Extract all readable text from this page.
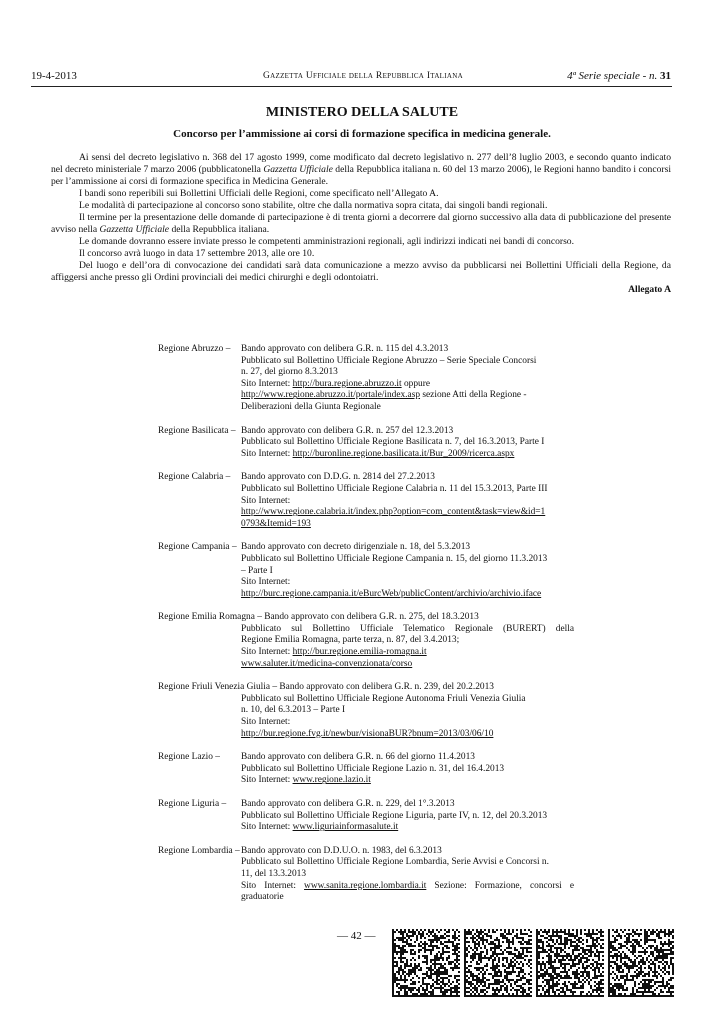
19-4-2013	Gazzetta Ufficiale della Repubblica Italiana	4ª Serie speciale - n. 31
MINISTERO DELLA SALUTE
Concorso per l’ammissione ai corsi di formazione specifica in medicina generale.

Ai sensi del decreto legislativo n. 368 del 17 agosto 1999, come modificato dal decreto legislativo n. 277 dell’8 luglio 2003, e secondo quanto indicato nel decreto ministeriale 7 marzo 2006 (pubblicatonella Gazzetta Ufficiale della Repubblica italiana n. 60 del 13 marzo 2006), le Regioni hanno bandito i concorsi per l’ammissione ai corsi di formazione specifica in Medicina Generale.

I bandi sono reperibili sui Bollettini Ufficiali delle Regioni, come specificato nell’Allegato A.

Le modalità di partecipazione al concorso sono stabilite, oltre che dalla normativa sopra citata, dai singoli bandi regionali.

Il termine per la presentazione delle domande di partecipazione è di trenta giorni a decorrere dal giorno successivo alla data di pubblicazione del presente avviso nella Gazzetta Ufficiale della Repubblica italiana.

Le domande dovranno essere inviate presso le competenti amministrazioni regionali, agli indirizzi indicati nei bandi di concorso.

Il concorso avrà luogo in data 17 settembre 2013, alle ore 10.

Del luogo e dell’ora di convocazione dei candidati sarà data comunicazione a mezzo avviso da pubblicarsi nei Bollettini Ufficiali della Regione, da affiggersi anche presso gli Ordini provinciali dei medici chirurghi e degli odontoiatri.

Allegato A

Regione Abruzzo – Bando approvato con delibera G.R. n. 115 del 4.3.2013
Pubblicato sul Bollettino Ufficiale Regione Abruzzo – Serie Speciale Concorsi
n. 27, del giorno 8.3.2013
Sito Internet: http://bura.regione.abruzzo.it oppure
http://www.regione.abruzzo.it/portale/index.asp sezione Atti della Regione -
Deliberazioni della Giunta Regionale
Regione Basilicata – Bando approvato con delibera G.R. n. 257 del 12.3.2013
Pubblicato sul Bollettino Ufficiale Regione Basilicata n. 7, del 16.3.2013, Parte I
Sito Internet: http://buronline.regione.basilicata.it/Bur_2009/ricerca.aspx
Regione Calabria – Bando approvato con D.D.G. n. 2814 del 27.2.2013
Pubblicato sul Bollettino Ufficiale Regione Calabria n. 11 del 15.3.2013, Parte III
Sito Internet:
http://www.regione.calabria.it/index.php?option=com_content&task=view&id=1
0793&Itemid=193
Regione Campania – Bando approvato con decreto dirigenziale n. 18, del 5.3.2013
Pubblicato sul Bollettino Ufficiale Regione Campania n. 15, del giorno 11.3.2013
– Parte I
Sito Internet:
http://burc.regione.campania.it/eBurcWeb/publicContent/archivio/archivio.iface
Regione Emilia Romagna –
Pubblicato sul Bollettino Ufficiale Telematico Regionale (BURERT) della
Regione Emilia Romagna, parte terza, n. 87, del 3.4.2013;
Sito Internet: http://bur.regione.emilia-romagna.it
www.saluter.it/medicina-convenzionata/corso
Bando approvato con delibera G.R. n. 275, del 18.3.2013
Pubblicato sul Bollettino Ufficiale Regione Autonoma Friuli Venezia Giulia
n. 10, del 6.3.2013 – Parte I
Sito Internet:
http://bur.regione.fvg.it/newbur/visionaBUR?bnum=2013/03/06/10
Regione Friuli Venezia Giulia – Bando approvato con delibera G.R. n. 239, del 20.2.2013
Regione Lazio – Bando approvato con delibera G.R. n. 66 del giorno 11.4.2013
Pubblicato sul Bollettino Ufficiale Regione Lazio n. 31, del 16.4.2013
Sito Internet: www.regione.lazio.it
Regione Liguria – Bando approvato con delibera G.R. n. 229, del 1°.3.2013
Pubblicato sul Bollettino Ufficiale Regione Liguria, parte IV, n. 12, del 20.3.2013
Sito Internet: www.liguriainformasalute.it
Regione Lombardia – Bando approvato con D.D.U.O. n. 1983, del 6.3.2013
Pubblicato sul Bollettino Ufficiale Regione Lombardia, Serie Avvisi e Concorsi n.
11, del 13.3.2013
Sito Internet: www.sanita.regione.lombardia.it Sezione: Formazione, concorsi e
graduatorie
— 42 —
